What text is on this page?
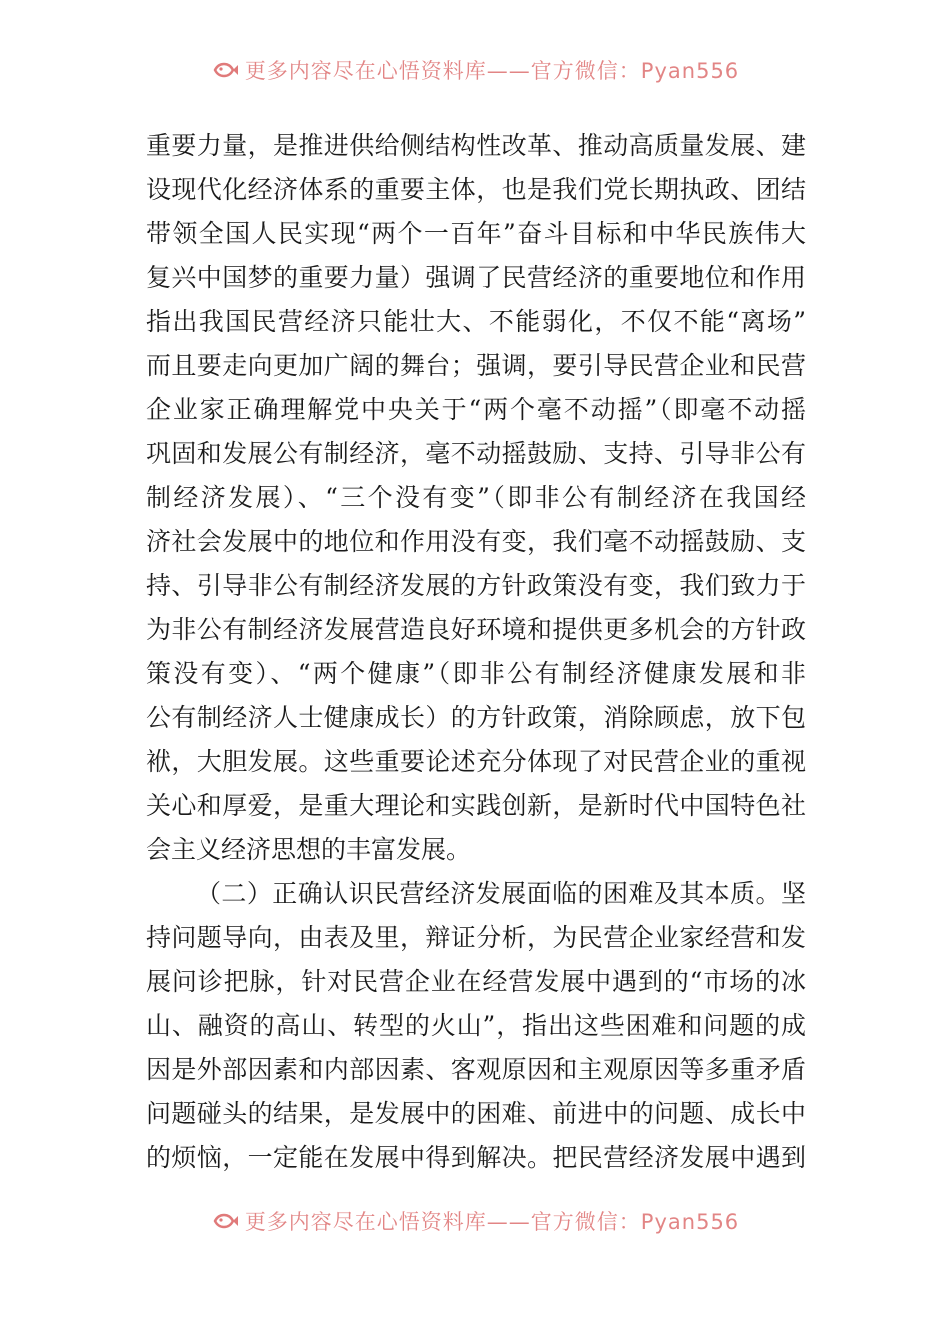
更多内容尽在心悟资料库——官方微信：Pyan556
重要力量，是推进供给侧结构性改革、推动高质量发展、建
设现代化经济体系的重要主体，也是我们党长期执政、团结
带领全国人民实现“两个一百年”奋斗目标和中华民族伟大
复兴中国梦的重要力量）强调了民营经济的重要地位和作用
指出我国民营经济只能壮大、不能弱化，不仅不能“离场”
而且要走向更加广阔的舞台；强调，要引导民营企业和民营
企业家正确理解党中央关于“两个毫不动摇”（即毫不动摇
巩固和发展公有制经济，毫不动摇鼓励、支持、引导非公有
制经济发展）、“三个没有变”（即非公有制经济在我国经
济社会发展中的地位和作用没有变，我们毫不动摇鼓励、支
持、引导非公有制经济发展的方针政策没有变，我们致力于
为非公有制经济发展营造良好环境和提供更多机会的方针政
策没有变）、“两个健康”（即非公有制经济健康发展和非
公有制经济人士健康成长）的方针政策，消除顾虑，放下包
袱，大胆发展。这些重要论述充分体现了对民营企业的重视
关心和厚爱，是重大理论和实践创新，是新时代中国特色社
会主义经济思想的丰富发展。
（二）正确认识民营经济发展面临的困难及其本质。坚
持问题导向，由表及里，辩证分析，为民营企业家经营和发
展问诊把脉，针对民营企业在经营发展中遇到的“市场的冰
山、融资的高山、转型的火山”，指出这些困难和问题的成
因是外部因素和内部因素、客观原因和主观原因等多重矛盾
问题碰头的结果，是发展中的困难、前进中的问题、成长中
的烦恼，一定能在发展中得到解决。把民营经济发展中遇到
更多内容尽在心悟资料库——官方微信：Pyan556
